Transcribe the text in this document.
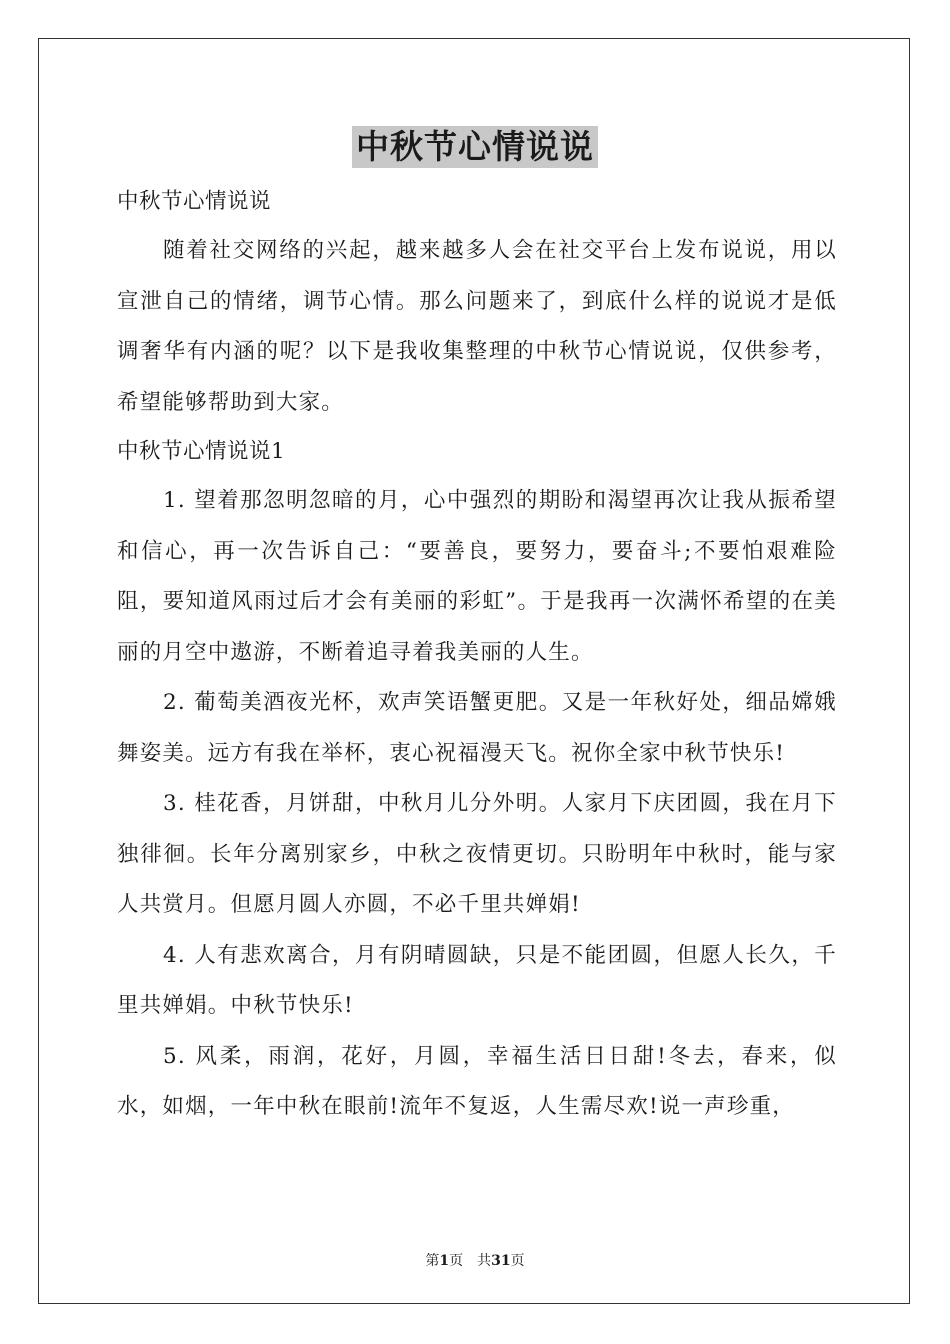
中秋节心情说说

中秋节心情说说

随着社交网络的兴起，越来越多人会在社交平台上发布说说，用以宣泄自己的情绪，调节心情。那么问题来了，到底什么样的说说才是低调奢华有内涵的呢？以下是我收集整理的中秋节心情说说，仅供参考，希望能够帮助到大家。

中秋节心情说说1

1. 望着那忽明忽暗的月，心中强烈的期盼和渴望再次让我从振希望和信心，再一次告诉自己：“要善良，要努力，要奋斗;不要怕艰难险阻，要知道风雨过后才会有美丽的彩虹”。于是我再一次满怀希望的在美丽的月空中遨游，不断着追寻着我美丽的人生。

2. 葡萄美酒夜光杯，欢声笑语蟹更肥。又是一年秋好处，细品嫦娥舞姿美。远方有我在举杯，衷心祝福漫天飞。祝你全家中秋节快乐!

3. 桂花香，月饼甜，中秋月儿分外明。人家月下庆团圆，我在月下独徘徊。长年分离别家乡，中秋之夜情更切。只盼明年中秋时，能与家人共赏月。但愿月圆人亦圆，不必千里共婵娟!

4. 人有悲欢离合，月有阴晴圆缺，只是不能团圆，但愿人长久，千里共婵娟。中秋节快乐!

5. 风柔，雨润，花好，月圆，幸福生活日日甜!冬去，春来，似水，如烟，一年中秋在眼前!流年不复返，人生需尽欢!说一声珍重，

第1页　共31页
